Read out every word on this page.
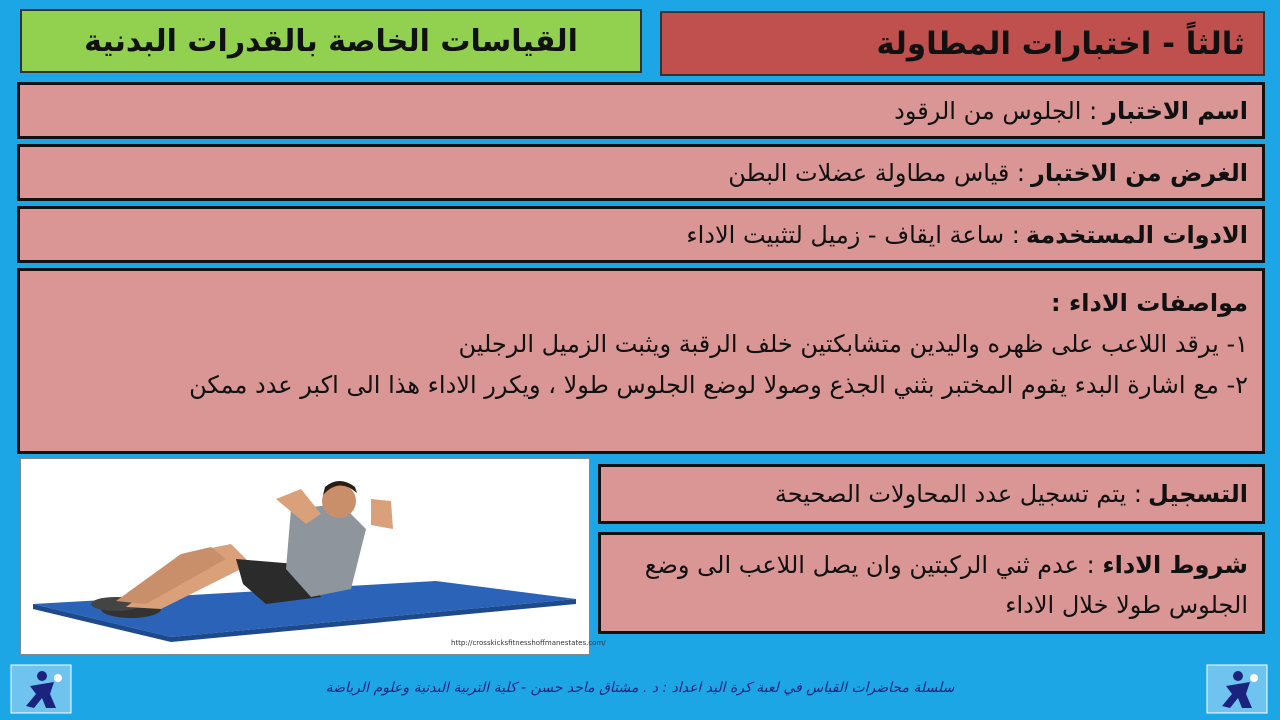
ثالثاً - اختبارات المطاولة
القياسات الخاصة بالقدرات البدنية
اسم الاختبار
: الجلوس من الرقود
الغرض من الاختبار
: قياس مطاولة عضلات البطن
الادوات المستخدمة
: ساعة ايقاف - زميل لتثبيت الاداء
مواصفات الاداء :
١- يرقد اللاعب على ظهره واليدين متشابكتين خلف الرقبة ويثبت الزميل الرجلين
٢- مع اشارة البدء يقوم المختبر بثني الجذع وصولا لوضع الجلوس طولا ، ويكرر الاداء هذا الى اكبر عدد ممكن
http://crosskicksfitnesshoffmanestates.com/
التسجيل
: يتم تسجيل عدد المحاولات الصحيحة
شروط الاداء : عدم ثني الركبتين وان يصل اللاعب الى وضع الجلوس طولا خلال الاداء
سلسلة محاضرات القياس في لعبة كرة اليد اعداد : د . مشتاق ماجد حسن - كلية التربية البدنية وعلوم الرياضة
